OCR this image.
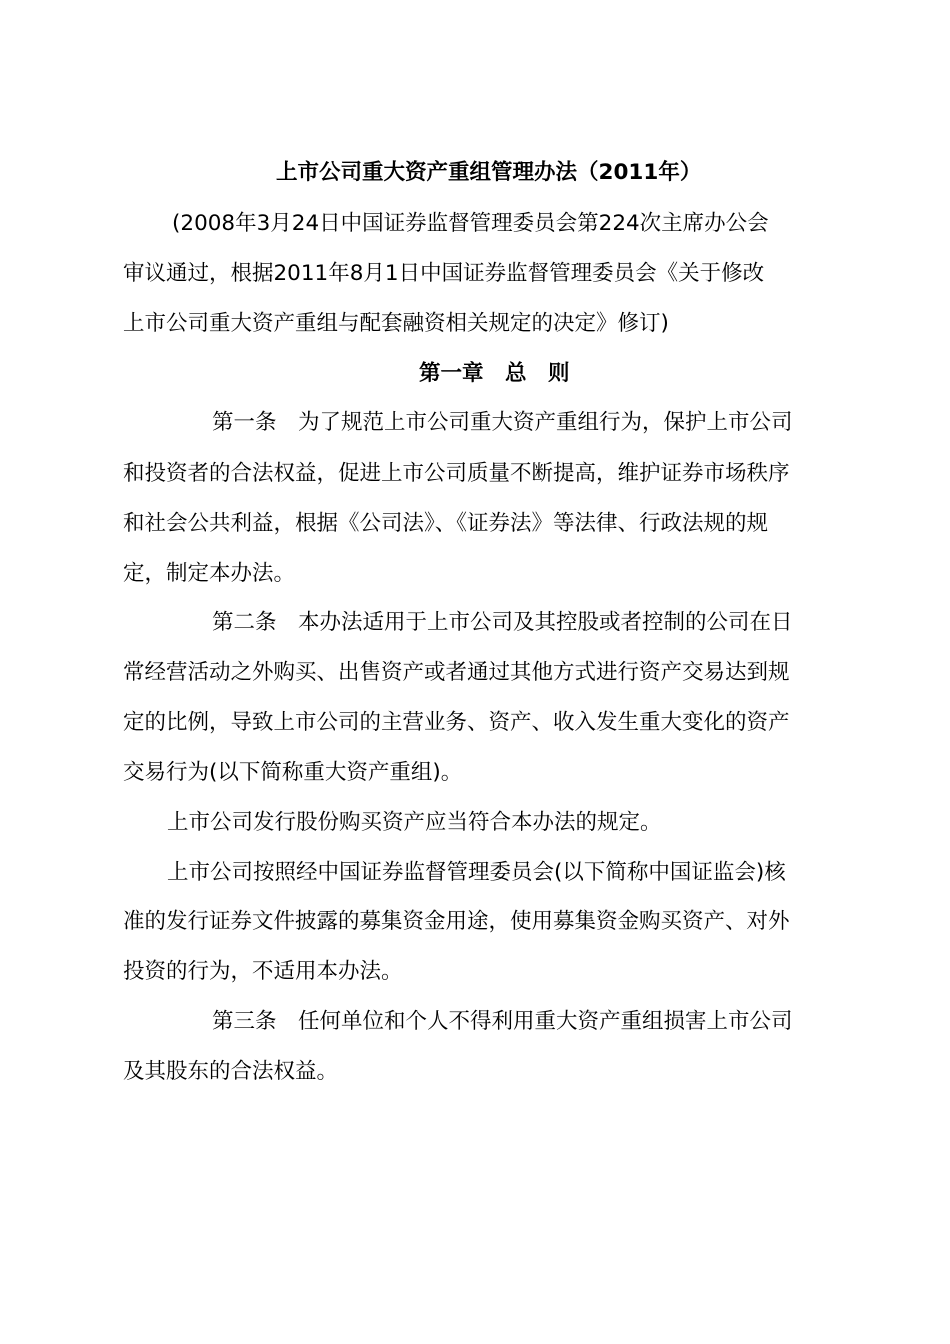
上市公司重大资产重组管理办法（2011年）
(2008年3月24日中国证券监督管理委员会第224次主席办公会
审议通过，根据2011年8月1日中国证券监督管理委员会《关于修改
上市公司重大资产重组与配套融资相关规定的决定》修订)
第一章　总　则
第一条　为了规范上市公司重大资产重组行为，保护上市公司
和投资者的合法权益，促进上市公司质量不断提高，维护证券市场秩序
和社会公共利益，根据《公司法》、《证券法》等法律、行政法规的规
定，制定本办法。
第二条　本办法适用于上市公司及其控股或者控制的公司在日
常经营活动之外购买、出售资产或者通过其他方式进行资产交易达到规
定的比例，导致上市公司的主营业务、资产、收入发生重大变化的资产
交易行为(以下简称重大资产重组)。
上市公司发行股份购买资产应当符合本办法的规定。
上市公司按照经中国证券监督管理委员会(以下简称中国证监会)核
准的发行证券文件披露的募集资金用途，使用募集资金购买资产、对外
投资的行为，不适用本办法。
第三条　任何单位和个人不得利用重大资产重组损害上市公司
及其股东的合法权益。
